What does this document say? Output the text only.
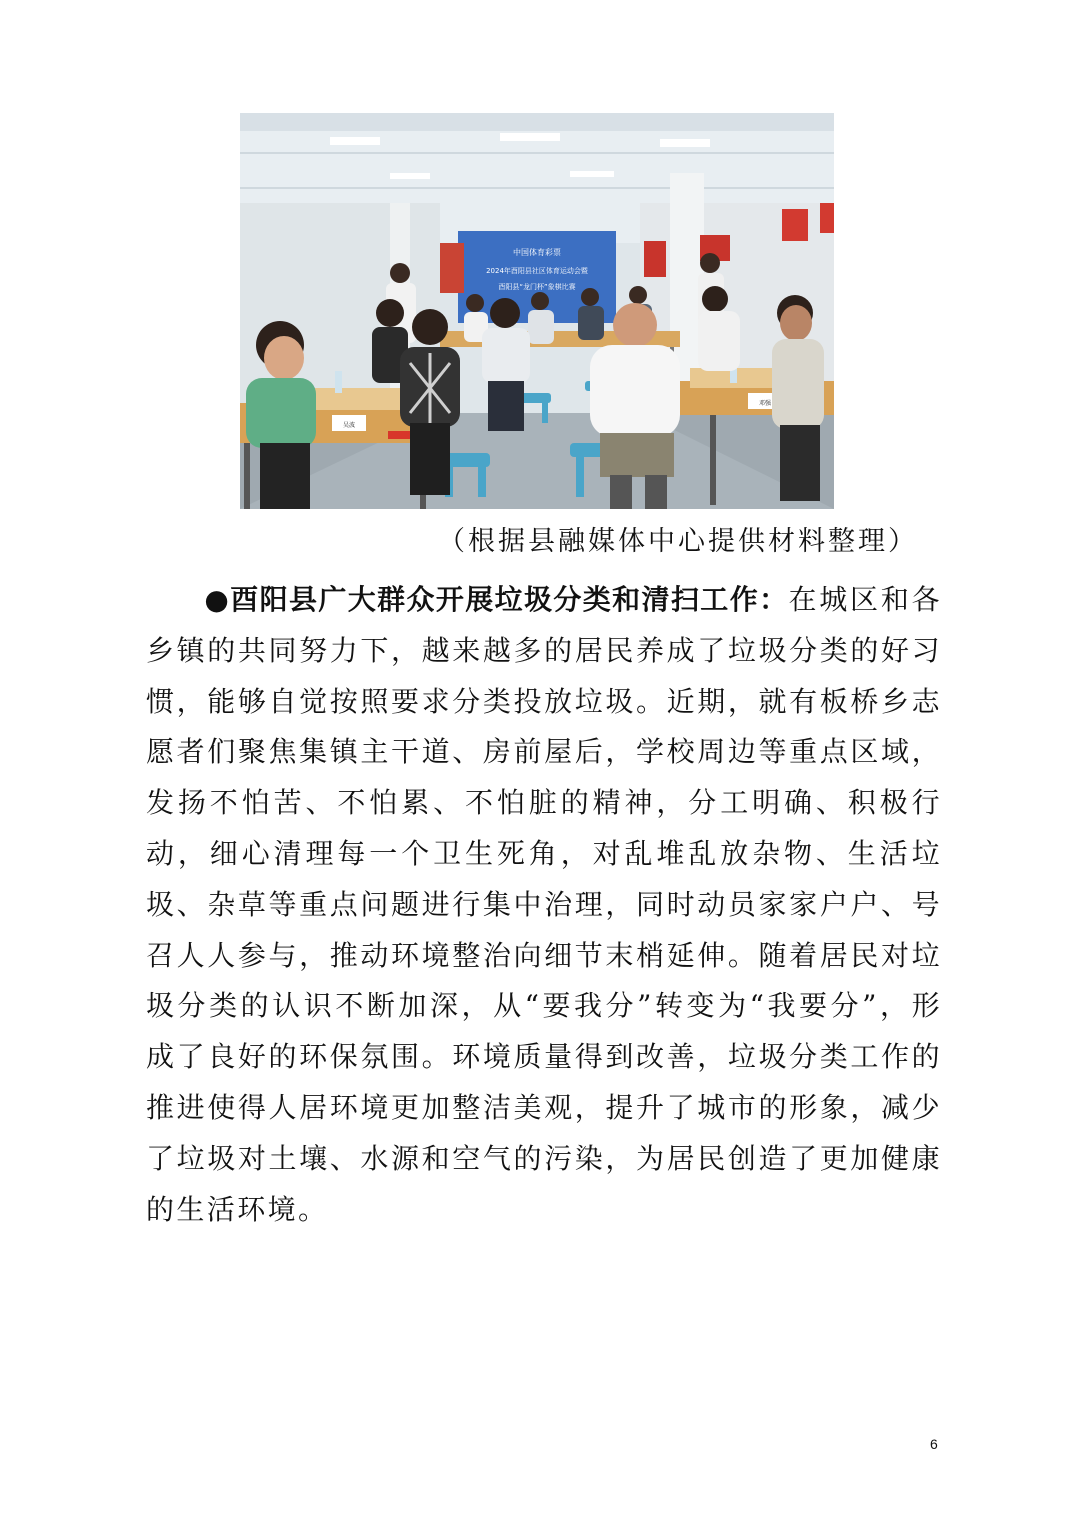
中国体育彩票
2024年酉阳县社区体育运动会暨
酉阳县“龙门杯”象棋比赛
吴波
邓强
（根据县融媒体中心提供材料整理）

●酉阳县广大群众开展垃圾分类和清扫工作：在城区和各乡镇的共同努力下，越来越多的居民养成了垃圾分类的好习惯，能够自觉按照要求分类投放垃圾。近期，就有板桥乡志愿者们聚焦集镇主干道、房前屋后，学校周边等重点区域，发扬不怕苦、不怕累、不怕脏的精神，分工明确、积极行动，细心清理每一个卫生死角，对乱堆乱放杂物、生活垃圾、杂草等重点问题进行集中治理，同时动员家家户户、号召人人参与，推动环境整治向细节末梢延伸。随着居民对垃圾分类的认识不断加深，从“要我分”转变为“我要分”，形成了良好的环保氛围。环境质量得到改善，垃圾分类工作的推进使得人居环境更加整洁美观，提升了城市的形象，减少了垃圾对土壤、水源和空气的污染，为居民创造了更加健康的生活环境。

6
